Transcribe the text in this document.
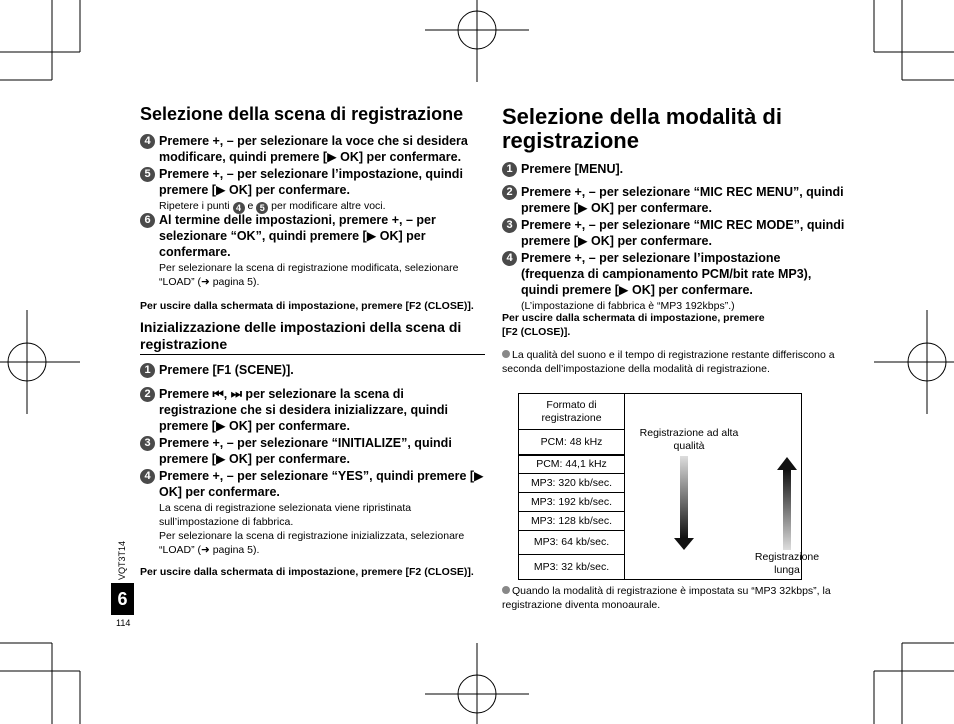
Selezione della scena di registrazione
4 Premere +, – per selezionare la voce che si desidera modificare, quindi premere [▶ OK] per confermare.
5 Premere +, – per selezionare l’impostazione, quindi premere [▶ OK] per confermare.
Ripetere i punti 4 e 5 per modificare altre voci.
6 Al termine delle impostazioni, premere +, – per selezionare “OK”, quindi premere [▶ OK] per confermare.
Per selezionare la scena di registrazione modificata, selezionare “LOAD” (➜ pagina 5).
Per uscire dalla schermata di impostazione, premere [F2 (CLOSE)].
Inizializzazione delle impostazioni della scena di registrazione
1 Premere [F1 (SCENE)].
2 Premere ⏮, ⏭ per selezionare la scena di registrazione che si desidera inizializzare, quindi premere [▶ OK] per confermare.
3 Premere +, – per selezionare “INITIALIZE”, quindi premere [▶ OK] per confermare.
4 Premere +, – per selezionare “YES”, quindi premere [▶ OK] per confermare.
La scena di registrazione selezionata viene ripristinata sull’impostazione di fabbrica.
Per selezionare la scena di registrazione inizializzata, selezionare “LOAD” (➜ pagina 5).
Per uscire dalla schermata di impostazione, premere [F2 (CLOSE)].
VQT3T14
6
114
Selezione della modalità di registrazione
1 Premere [MENU].
2 Premere +, – per selezionare “MIC REC MENU”, quindi premere [▶ OK] per confermare.
3 Premere +, – per selezionare “MIC REC MODE”, quindi premere [▶ OK] per confermare.
4 Premere +, – per selezionare l’impostazione (frequenza di campionamento PCM/bit rate MP3), quindi premere [▶ OK] per confermare.
(L’impostazione di fabbrica è “MP3 192kbps”.)
Per uscire dalla schermata di impostazione, premere
[F2 (CLOSE)].
La qualità del suono e il tempo di registrazione restante differiscono a seconda dell’impostazione della modalità di registrazione.
Formato di registrazione
PCM: 48 kHz
PCM: 44,1 kHz
MP3: 320 kb/sec.
MP3: 192 kb/sec.
MP3: 128 kb/sec.
MP3: 64 kb/sec.
MP3: 32 kb/sec.
Registrazione ad alta qualità
Registrazione lunga
Quando la modalità di registrazione è impostata su “MP3 32kbps”, la registrazione diventa monoaurale.
